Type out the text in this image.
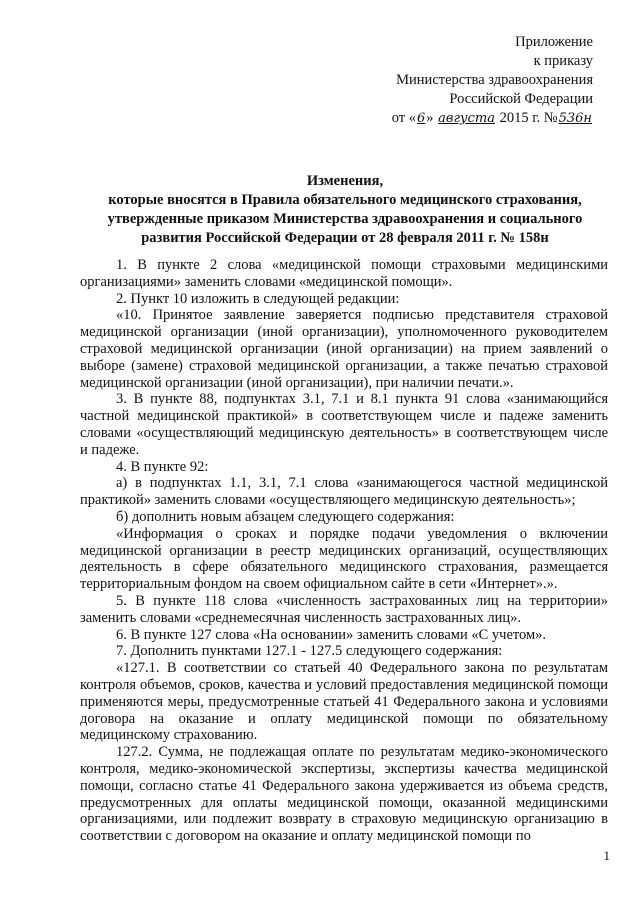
Приложение
к приказу
Министерства здравоохранения
Российской Федерации
от «6» августа 2015 г. №536н
Изменения,
которые вносятся в Правила обязательного медицинского страхования,
утвержденные приказом Министерства здравоохранения и социального
развития Российской Федерации от 28 февраля 2011 г. № 158н

1. В пункте 2 слова «медицинской помощи страховыми медицинскими организациями» заменить словами «медицинской помощи».

2. Пункт 10 изложить в следующей редакции:

«10. Принятое заявление заверяется подписью представителя страховой медицинской организации (иной организации), уполномоченного руководителем страховой медицинской организации (иной организации) на прием заявлений о выборе (замене) страховой медицинской организации, а также печатью страховой медицинской организации (иной организации), при наличии печати.».

3. В пункте 88, подпунктах 3.1, 7.1 и 8.1 пункта 91 слова «занимающийся частной медицинской практикой» в соответствующем числе и падеже заменить словами «осуществляющий медицинскую деятельность» в соответствующем числе и падеже.

4. В пункте 92:

а) в подпунктах 1.1, 3.1, 7.1 слова «занимающегося частной медицинской практикой» заменить словами «осуществляющего медицинскую деятельность»;

б) дополнить новым абзацем следующего содержания:

«Информация о сроках и порядке подачи уведомления о включении медицинской организации в реестр медицинских организаций, осуществляющих деятельность в сфере обязательного медицинского страхования, размещается территориальным фондом на своем официальном сайте в сети «Интернет».».

5. В пункте 118 слова «численность застрахованных лиц на территории» заменить словами «среднемесячная численность застрахованных лиц».

6. В пункте 127 слова «На основании» заменить словами «С учетом».

7. Дополнить пунктами 127.1 - 127.5 следующего содержания:

«127.1. В соответствии со статьей 40 Федерального закона по результатам контроля объемов, сроков, качества и условий предоставления медицинской помощи применяются меры, предусмотренные статьей 41 Федерального закона и условиями договора на оказание и оплату медицинской помощи по обязательному медицинскому страхованию.

127.2. Сумма, не подлежащая оплате по результатам медико-экономического контроля, медико-экономической экспертизы, экспертизы качества медицинской помощи, согласно статье 41 Федерального закона удерживается из объема средств, предусмотренных для оплаты медицинской помощи, оказанной медицинскими организациями, или подлежит возврату в страховую медицинскую организацию в соответствии с договором на оказание и оплату медицинской помощи по

1
